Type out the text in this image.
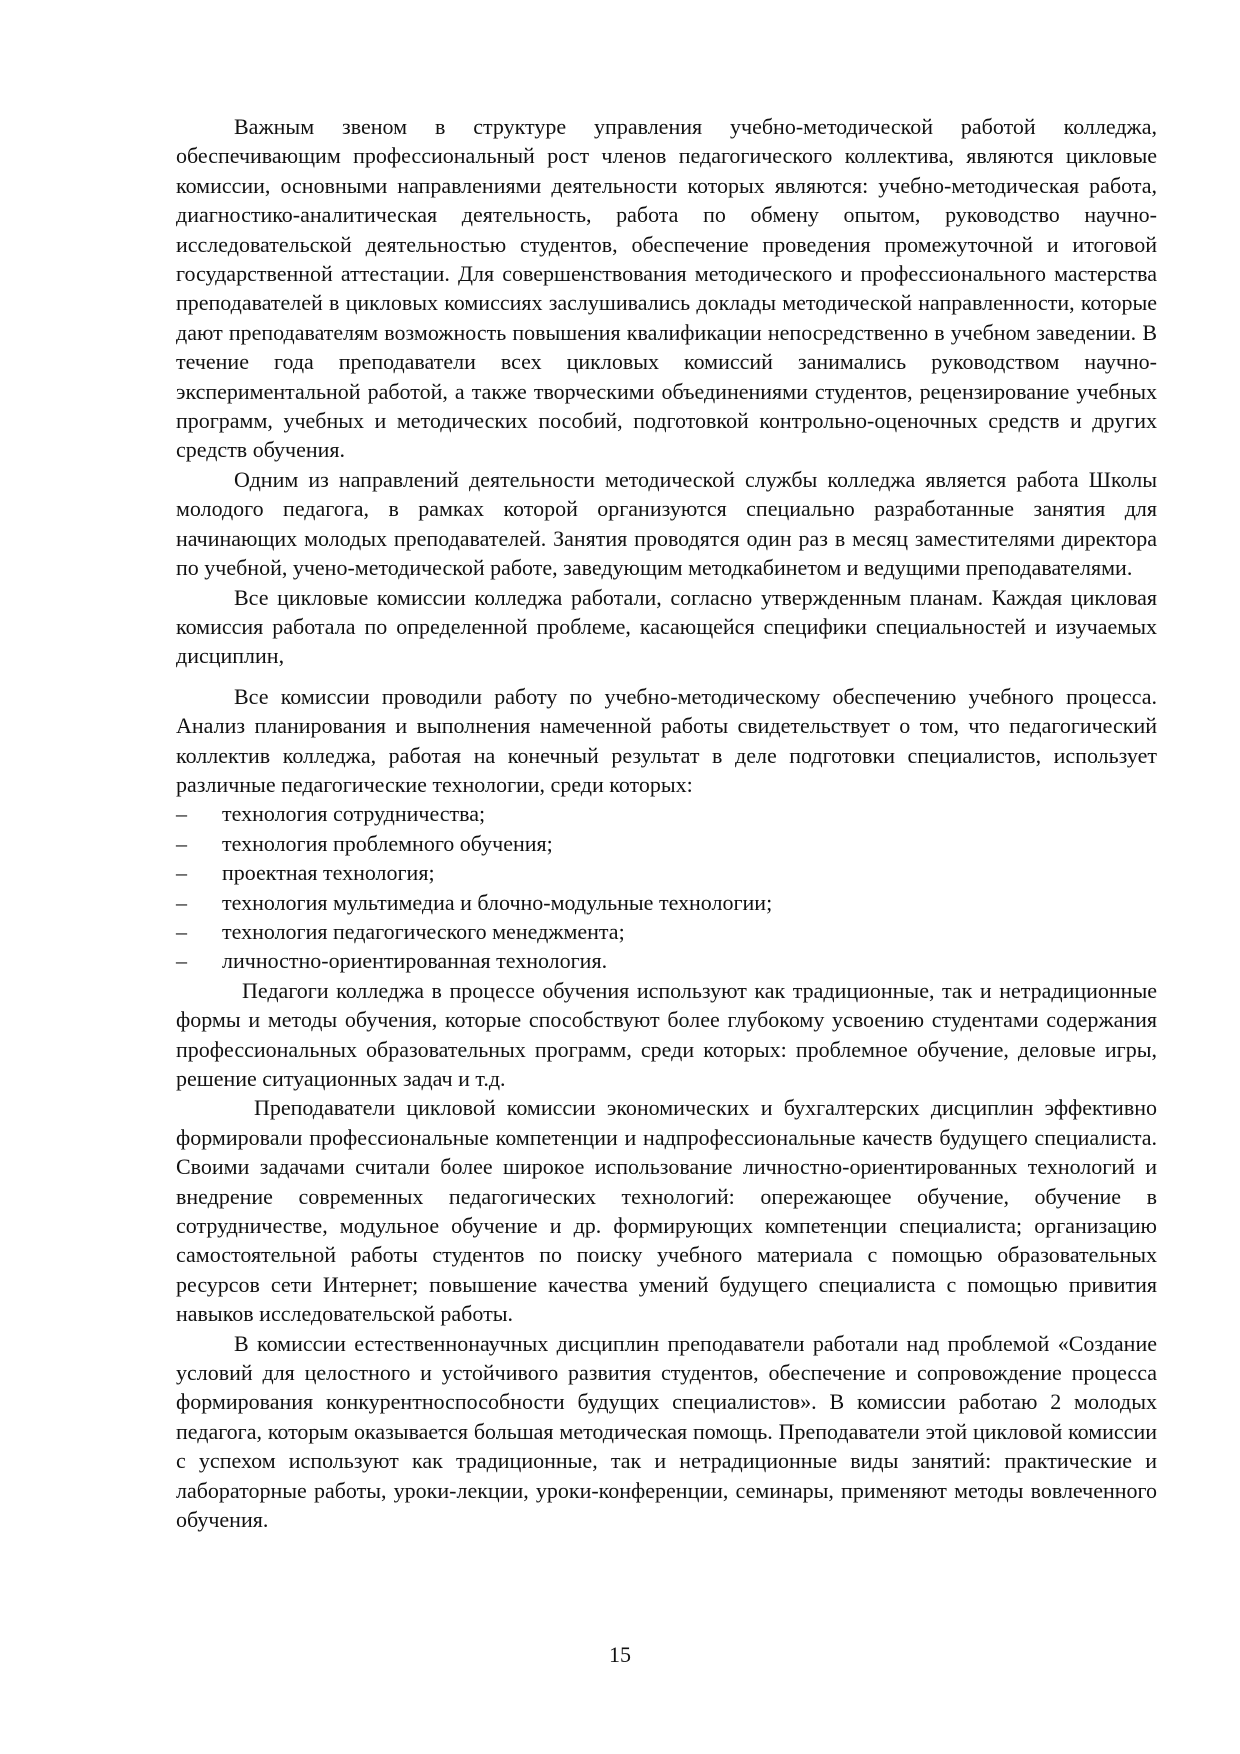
Важным звеном в структуре управления учебно-методической работой колледжа, обеспечивающим профессиональный рост членов педагогического коллектива, являются цикловые комиссии, основными направлениями деятельности которых являются: учебно-методическая работа, диагностико-аналитическая деятельность, работа по обмену опытом, руководство научно-исследовательской деятельностью студентов, обеспечение проведения промежуточной и итоговой государственной аттестации. Для совершенствования методического и профессионального мастерства преподавателей в цикловых комиссиях заслушивались доклады методической направленности, которые дают преподавателям возможность повышения квалификации непосредственно в учебном заведении. В течение года преподаватели всех цикловых комиссий занимались руководством научно-экспериментальной работой, а также творческими объединениями студентов, рецензирование учебных программ, учебных и методических пособий, подготовкой контрольно-оценочных средств и других средств обучения.

Одним из направлений деятельности методической службы колледжа является работа Школы молодого педагога, в рамках которой организуются специально разработанные занятия для начинающих молодых преподавателей. Занятия проводятся один раз в месяц заместителями директора по учебной, учено-методической работе, заведующим методкабинетом и ведущими преподавателями.

Все цикловые комиссии колледжа работали, согласно утвержденным планам. Каждая цикловая комиссия работала по определенной проблеме, касающейся специфики специальностей и изучаемых дисциплин,

Все комиссии проводили работу по учебно-методическому обеспечению учебного процесса. Анализ планирования и выполнения намеченной работы свидетельствует о том, что педагогический коллектив колледжа, работая на конечный результат в деле подготовки специалистов, использует различные педагогические технологии, среди которых:

– технология сотрудничества;
– технология проблемного обучения;
– проектная технология;
– технология мультимедиа и блочно-модульные технологии;
– технология педагогического менеджмента;
– личностно-ориентированная технология.

Педагоги колледжа в процессе обучения используют как традиционные, так и нетрадиционные формы и методы обучения, которые способствуют более глубокому усвоению студентами содержания профессиональных образовательных программ, среди которых: проблемное обучение, деловые игры, решение ситуационных задач и т.д.

Преподаватели цикловой комиссии экономических и бухгалтерских дисциплин эффективно формировали профессиональные компетенции и надпрофессиональные качеств будущего специалиста. Своими задачами считали более широкое использование личностно-ориентированных технологий и внедрение современных педагогических технологий: опережающее обучение, обучение в сотрудничестве, модульное обучение и др. формирующих компетенции специалиста; организацию самостоятельной работы студентов по поиску учебного материала с помощью образовательных ресурсов сети Интернет; повышение качества умений будущего специалиста с помощью привития навыков исследовательской работы.

В комиссии естественнонаучных дисциплин преподаватели работали над проблемой «Создание условий для целостного и устойчивого развития студентов, обеспечение и сопровождение процесса формирования конкурентноспособности будущих специалистов». В комиссии работаю 2 молодых педагога, которым оказывается большая методическая помощь. Преподаватели этой цикловой комиссии с успехом используют как традиционные, так и нетрадиционные виды занятий: практические и лабораторные работы, уроки-лекции, уроки-конференции, семинары, применяют методы вовлеченного обучения.

15
